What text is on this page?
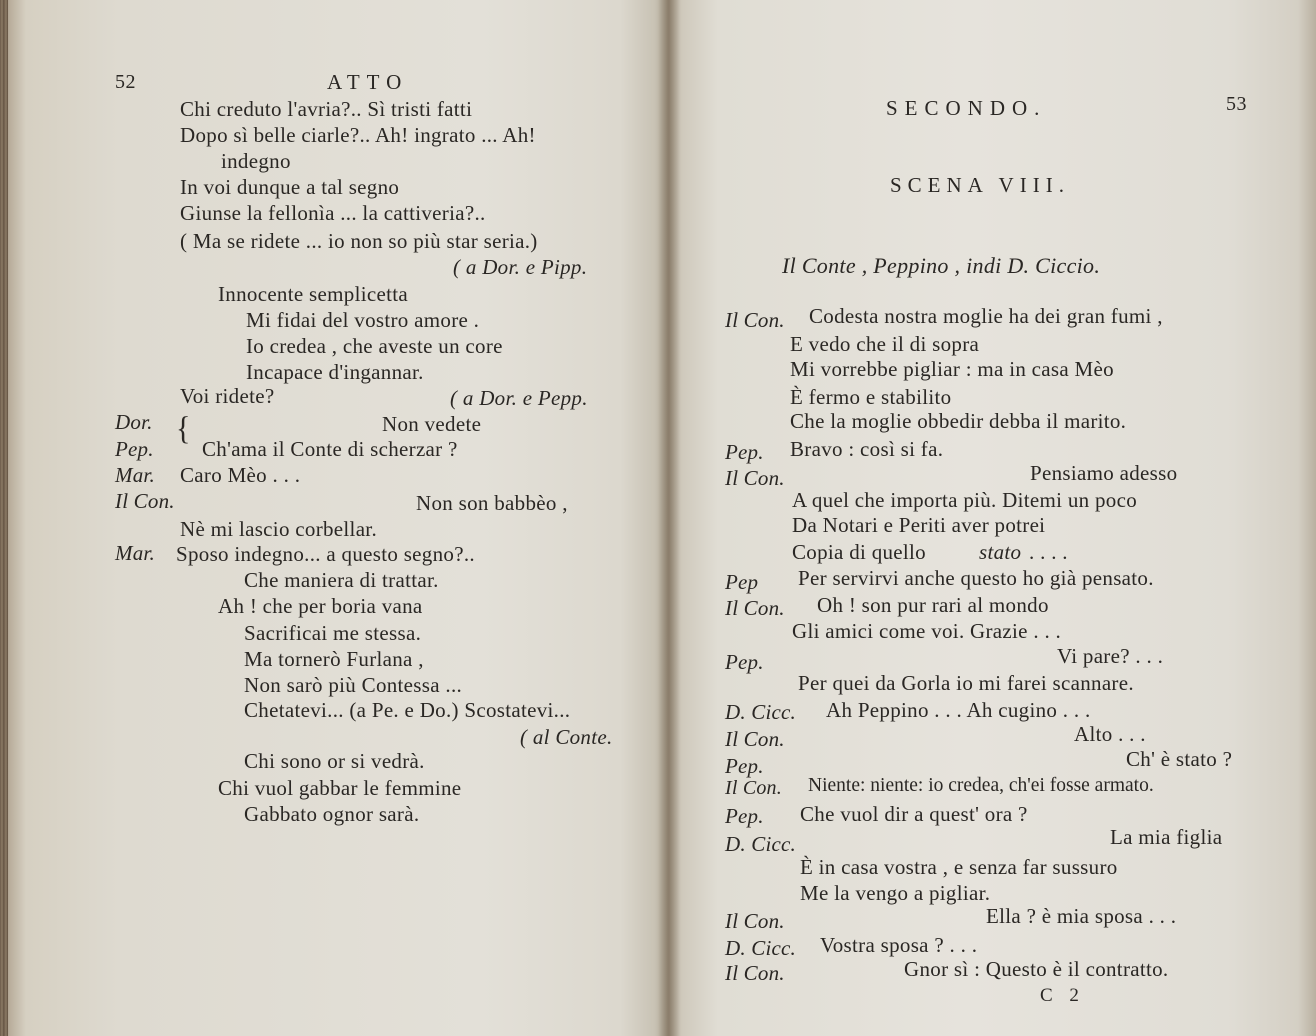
52	ATTO
Chi creduto l'avria?.. Sì tristi fatti
Dopo sì belle ciarle?.. Ah! ingrato ... Ah!
indegno
In voi dunque a tal segno
Giunse la fellonìa ... la cattiveria?..
( Ma se ridete ... io non so più star seria.)
( a Dor. e Pipp.
Innocente semplicetta
Mi fidai del vostro amore .
Io credea , che aveste un core
Incapace d'ingannar.
Voi ridete?	( a Dor. e Pepp.
Dor. {	Non vedete
Pep. Ch'ama il Conte di scherzar ?
Mar. Caro Mèo . . .
Il Con.	Non son babbèo ,
Nè mi lascio corbellar.
Mar. Sposo indegno... a questo segno?..
Che maniera di trattar.
Ah ! che per boria vana
Sacrificai me stessa.
Ma tornerò Furlana ,
Non sarò più Contessa ...
Chetatevi... (a Pe. e Do.) Scostatevi...
( al Conte.
Chi sono or si vedrà.
Chi vuol gabbar le femmine
Gabbato ognor sarà.
SECONDO.	53
SCENA VIII.
Il Conte , Peppino , indi D. Ciccio.
Il Con. Codesta nostra moglie ha dei gran fumi ,
E vedo che il di sopra
Mi vorrebbe pigliar : ma in casa Mèo
È fermo e stabilito
Che la moglie obbedir debba il marito.
Pep. Bravo : così si fa.
Il Con.	Pensiamo adesso
A quel che importa più. Ditemi un poco
Da Notari e Periti aver potrei
Copia di quello	stato . . . .
Pep Per servirvi anche questo ho già pensato.
Il Con. Oh ! son pur rari al mondo
Gli amici come voi. Grazie . . .
Pep.	Vi pare? . . .
Per quei da Gorla io mi farei scannare.
D. Cicc. Ah Peppino . . . Ah cugino . . .
Il Con.	Alto . . .
Pep.	Ch' è stato ?
Il Con. Niente: niente: io credea, ch'ei fosse armato.
Pep. Che vuol dir a quest' ora ?
D. Cicc.	La mia figlia
È in casa vostra , e senza far sussuro
Me la vengo a pigliar.
Il Con.	Ella ? è mia sposa . . .
D. Cicc. Vostra sposa ? . . .
Il Con.	Gnor sì : Questo è il contratto.
C 2
